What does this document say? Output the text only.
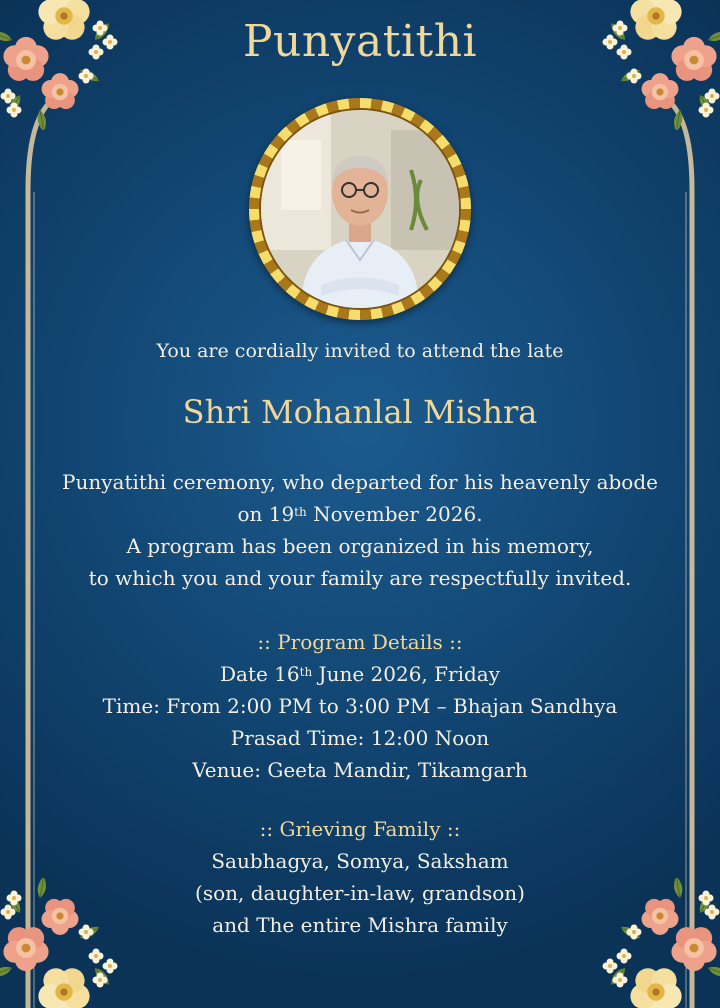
Punyatithi
You are cordially invited to attend the late
Shri Mohanlal Mishra

Punyatithi ceremony, who departed for his heavenly abode

on 19th November 2026.

A program has been organized in his memory,

to which you and your family are respectfully invited.

:: Program Details ::

Date 16th June 2026, Friday

Time: From 2:00 PM to 3:00 PM – Bhajan Sandhya

Prasad Time: 12:00 Noon

Venue: Geeta Mandir, Tikamgarh

:: Grieving Family ::

Saubhagya, Somya, Saksham

(son, daughter-in-law, grandson)

and The entire Mishra family
